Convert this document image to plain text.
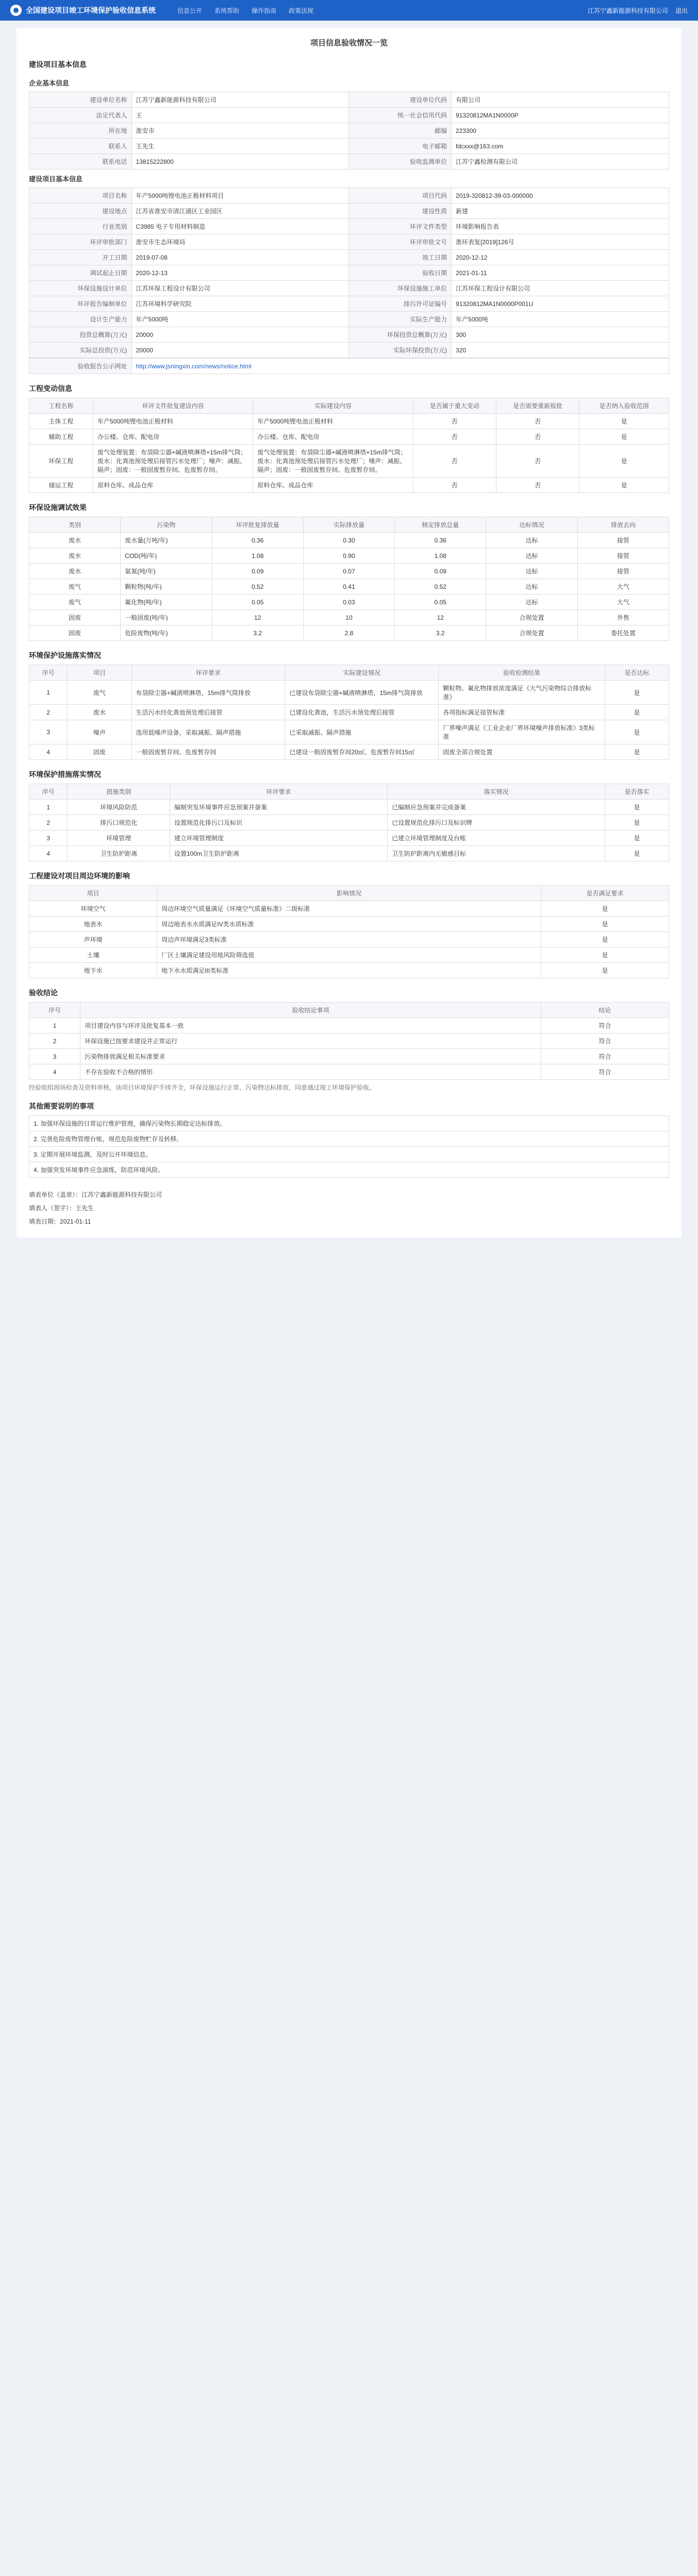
全国建设项目竣工环境保护验收信息系统	信息公开 系统帮助 操作指南 政策法规	江苏宁鑫新能源科技有限公司 退出
项目信息验收情况一览
建设项目基本信息
企业基本信息
建设单位名称	江苏宁鑫新能源科技有限公司	建设单位代码	有限公司
法定代表人	王	统一社会信用代码	91320812MA1N0000P
所在地	淮安市	邮编	223300
联系人	王先生	电子邮箱	fdcxxx@163.com
联系电话	13815222800	验收监测单位	江苏宁鑫检测有限公司
建设项目基本信息
项目名称	年产5000吨锂电池正极材料项目	项目代码	2019-320812-39-03-000000
建设地点	江苏省淮安市清江浦区工业园区	建设性质	新建
行业类别	C3985 电子专用材料制造	环评文件类型	环境影响报告表
环评审批部门	淮安市生态环境局	环评审批文号	淮环表复[2019]126号
开工日期	2019-07-08	竣工日期	2020-12-12
调试起止日期	2020-12-13	验收日期	2021-01-11
环保设施设计单位	江苏环保工程设计有限公司	环保设施施工单位	江苏环保工程设计有限公司
环评报告编制单位	江苏环境科学研究院	排污许可证编号	91320812MA1N0000P001U
设计生产能力	年产5000吨	实际生产能力	年产5000吨
投资总概算(万元)	20000	环保投资总概算(万元)	300
实际总投资(万元)	20000	实际环保投资(万元)	320
验收报告公示网址	http://www.jsningxin.com/news/notice.html
工程变动信息
工程名称	环评文件批复建设内容	实际建设内容	是否属于重大变动	是否需要重新报批	是否纳入验收范围
主体工程	年产5000吨锂电池正极材料	年产5000吨锂电池正极材料	否	否	是
辅助工程	办公楼、仓库、配电房	办公楼、仓库、配电房	否	否	是
环保工程	废气处理装置：布袋除尘器+碱液喷淋塔+15m排气筒；废水：化粪池预处理后接管污水处理厂；噪声：减振、隔声；固废：一般固废暂存间、危废暂存间。	废气处理装置：布袋除尘器+碱液喷淋塔+15m排气筒；废水：化粪池预处理后接管污水处理厂；噪声：减振、隔声；固废：一般固废暂存间、危废暂存间。	否	否	是
储运工程	原料仓库、成品仓库	原料仓库、成品仓库	否	否	是
环保设施调试效果
类别	污染物	环评批复排放量	实际排放量	核定排放总量	达标情况	排放去向
废水	废水量(万吨/年)	0.36	0.30	0.36	达标	接管
废水	COD(吨/年)	1.08	0.90	1.08	达标	接管
废水	氨氮(吨/年)	0.09	0.07	0.09	达标	接管
废气	颗粒物(吨/年)	0.52	0.41	0.52	达标	大气
废气	氟化物(吨/年)	0.05	0.03	0.05	达标	大气
固废	一般固废(吨/年)	12	10	12	合规处置	外售
固废	危险废物(吨/年)	3.2	2.8	3.2	合规处置	委托处置
环境保护设施落实情况
序号	项目	环评要求	实际建设情况	验收检测结果	是否达标
1	废气	布袋除尘器+碱液喷淋塔，15m排气筒排放	已建设布袋除尘器+碱液喷淋塔，15m排气筒排放	颗粒物、氟化物排放浓度满足《大气污染物综合排放标准》	是
2	废水	生活污水经化粪池预处理后接管	已建设化粪池，生活污水预处理后接管	各项指标满足接管标准	是
3	噪声	选用低噪声设备，采取减振、隔声措施	已采取减振、隔声措施	厂界噪声满足《工业企业厂界环境噪声排放标准》3类标准	是
4	固废	一般固废暂存间、危废暂存间	已建设一般固废暂存间20㎡、危废暂存间15㎡	固废全部合规处置	是
环境保护措施落实情况
序号	措施类别	环评要求	落实情况	是否落实
1	环境风险防范	编制突发环境事件应急预案并备案	已编制应急预案并完成备案	是
2	排污口规范化	设置规范化排污口及标识	已设置规范化排污口及标识牌	是
3	环境管理	建立环境管理制度	已建立环境管理制度及台账	是
4	卫生防护距离	设置100m卫生防护距离	卫生防护距离内无敏感目标	是
工程建设对项目周边环境的影响
项目	影响情况	是否满足要求
环境空气	周边环境空气质量满足《环境空气质量标准》二级标准	是
地表水	周边地表水水质满足IV类水质标准	是
声环境	周边声环境满足3类标准	是
土壤	厂区土壤满足建设用地风险筛选值	是
地下水	地下水水质满足III类标准	是
验收结论
序号	验收结论事项	结论
1	项目建设内容与环评及批复基本一致	符合
2	环保设施已按要求建设并正常运行	符合
3	污染物排放满足相关标准要求	符合
4	不存在验收不合格的情形	符合

经验收组现场检查及资料审核，该项目环境保护手续齐全，环保设施运行正常，污染物达标排放，同意通过竣工环境保护验收。

其他需要说明的事项
1. 加强环保设施的日常运行维护管理，确保污染物长期稳定达标排放。
2. 完善危险废物管理台账，规范危险废物贮存及转移。
3. 定期开展环境监测，及时公开环境信息。
4. 加强突发环境事件应急演练，防范环境风险。
填表单位（盖章）：江苏宁鑫新能源科技有限公司
填表人（签字）：王先生
填表日期：2021-01-11
